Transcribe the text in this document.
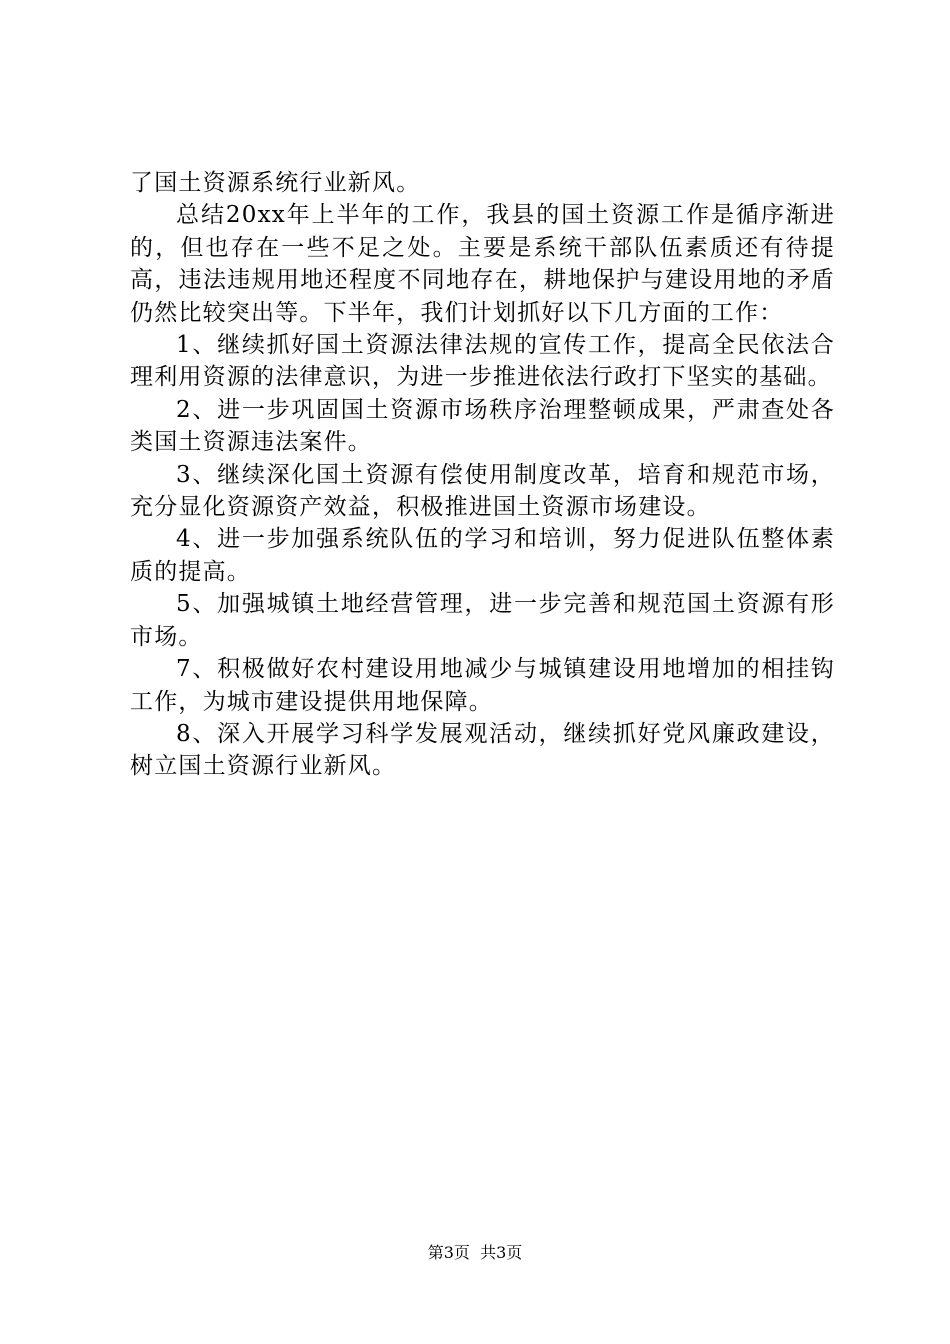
了国土资源系统行业新风。

总结20xx年上半年的工作，我县的国土资源工作是循序渐进的，但也存在一些不足之处。主要是系统干部队伍素质还有待提高，违法违规用地还程度不同地存在，耕地保护与建设用地的矛盾仍然比较突出等。下半年，我们计划抓好以下几方面的工作：

1、继续抓好国土资源法律法规的宣传工作，提高全民依法合理利用资源的法律意识，为进一步推进依法行政打下坚实的基础。

2、进一步巩固国土资源市场秩序治理整顿成果，严肃查处各类国土资源违法案件。

3、继续深化国土资源有偿使用制度改革，培育和规范市场，充分显化资源资产效益，积极推进国土资源市场建设。

4、进一步加强系统队伍的学习和培训，努力促进队伍整体素质的提高。

5、加强城镇土地经营管理，进一步完善和规范国土资源有形市场。

7、积极做好农村建设用地减少与城镇建设用地增加的相挂钩工作，为城市建设提供用地保障。

8、深入开展学习科学发展观活动，继续抓好党风廉政建设，树立国土资源行业新风。

第3页  共3页
